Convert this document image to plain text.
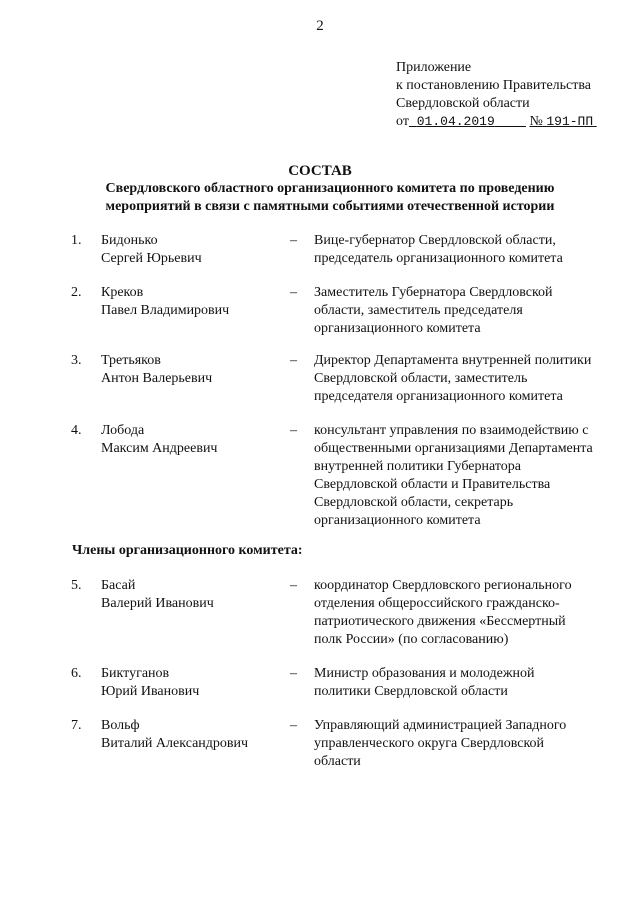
2
Приложение
к постановлению Правительства
Свердловской области
от 01.04.2019 № 191-ПП
СОСТАВ
Свердловского областного организационного комитета по проведению
мероприятий в связи с памятными событиями отечественной истории
Члены организационного комитета:
1. Бидонько
Сергей Юрьевич
– Вице-губернатор Свердловской области,
председатель организационного комитета
2. Креков
Павел Владимирович
– Заместитель Губернатора Свердловской
области, заместитель председателя
организационного комитета
3. Третьяков
Антон Валерьевич
– Директор Департамента внутренней политики
Свердловской области, заместитель
председателя организационного комитета
4. Лобода
Максим Андреевич
– консультант управления по взаимодействию с
общественными организациями Департамента
внутренней политики Губернатора
Свердловской области и Правительства
Свердловской области, секретарь
организационного комитета
5. Басай
Валерий Иванович
– координатор Свердловского регионального
отделения общероссийского гражданско-
патриотического движения «Бессмертный
полк России» (по согласованию)
6. Биктуганов
Юрий Иванович
– Министр образования и молодежной
политики Свердловской области
7. Вольф
Виталий Александрович
– Управляющий администрацией Западного
управленческого округа Свердловской
области
